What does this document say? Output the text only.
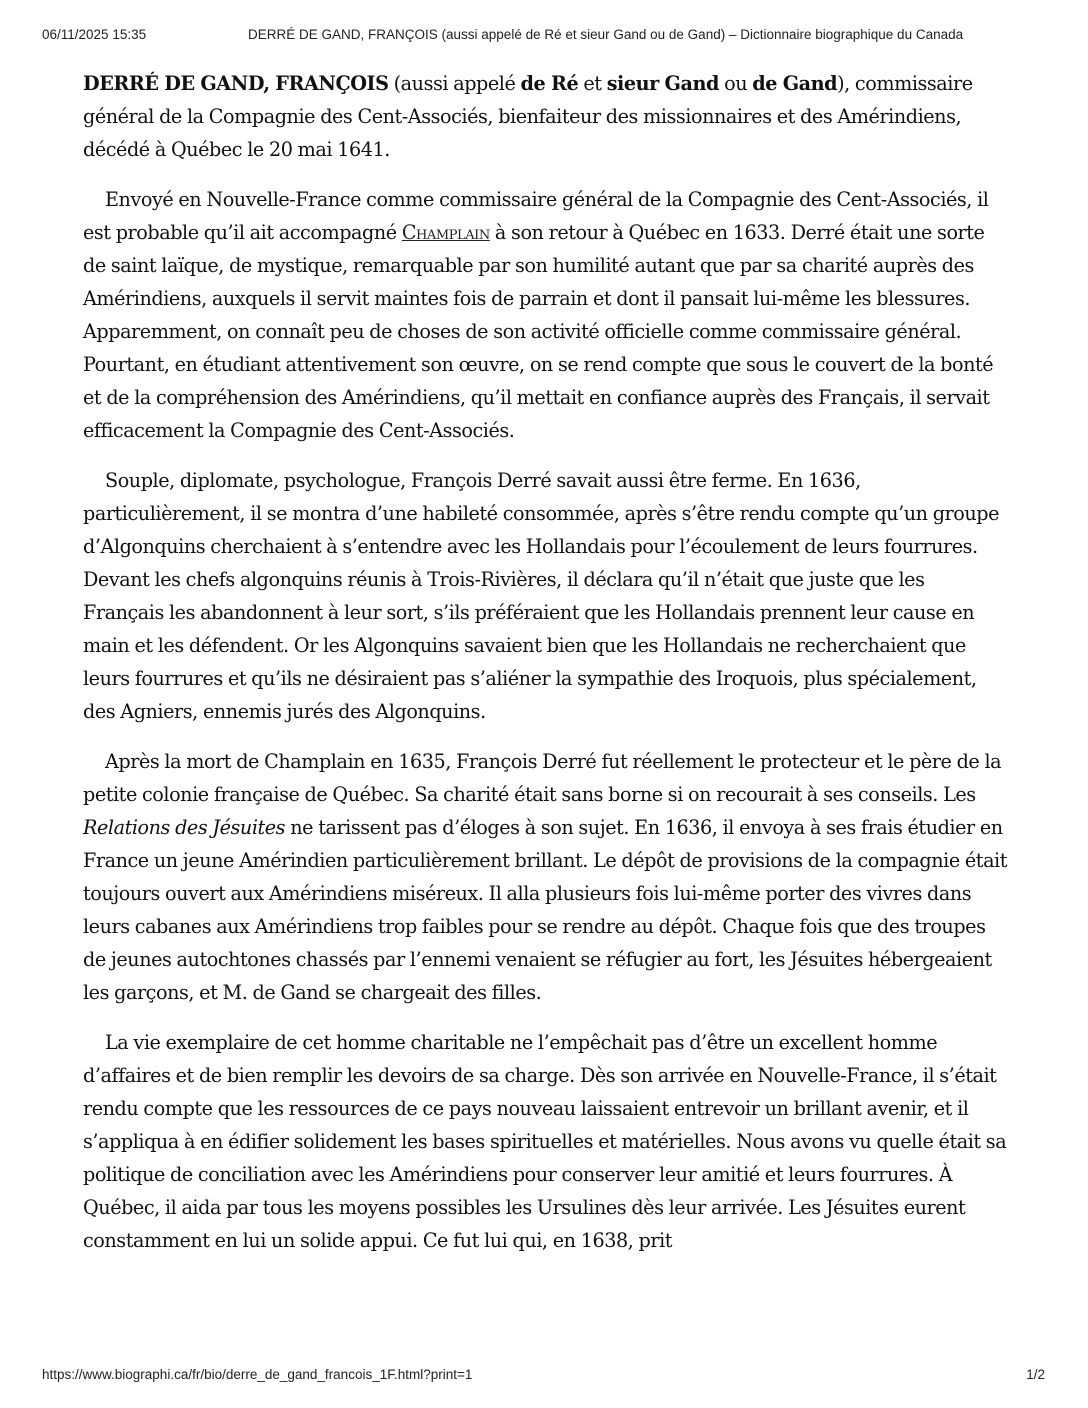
06/11/2025 15:35	DERRÉ DE GAND, FRANÇOIS (aussi appelé de Ré et sieur Gand ou de Gand) – Dictionnaire biographique du Canada

DERRÉ DE GAND, FRANÇOIS (aussi appelé de Ré et sieur Gand ou de Gand), commissaire général de la Compagnie des Cent-Associés, bienfaiteur des missionnaires et des Amérindiens, décédé à Québec le 20 mai 1641.

Envoyé en Nouvelle-France comme commissaire général de la Compagnie des Cent-Associés, il est probable qu’il ait accompagné Champlain à son retour à Québec en 1633. Derré était une sorte de saint laïque, de mystique, remarquable par son humilité autant que par sa charité auprès des Amérindiens, auxquels il servit maintes fois de parrain et dont il pansait lui-même les blessures. Apparemment, on connaît peu de choses de son activité officielle comme commissaire général. Pourtant, en étudiant attentivement son œuvre, on se rend compte que sous le couvert de la bonté et de la compréhension des Amérindiens, qu’il mettait en confiance auprès des Français, il servait efficacement la Compagnie des Cent-Associés.

Souple, diplomate, psychologue, François Derré savait aussi être ferme. En 1636, particulièrement, il se montra d’une habileté consommée, après s’être rendu compte qu’un groupe d’Algonquins cherchaient à s’entendre avec les Hollandais pour l’écoulement de leurs fourrures. Devant les chefs algonquins réunis à Trois-Rivières, il déclara qu’il n’était que juste que les Français les abandonnent à leur sort, s’ils préféraient que les Hollandais prennent leur cause en main et les défendent. Or les Algonquins savaient bien que les Hollandais ne recherchaient que leurs fourrures et qu’ils ne désiraient pas s’aliéner la sympathie des Iroquois, plus spécialement, des Agniers, ennemis jurés des Algonquins.

Après la mort de Champlain en 1635, François Derré fut réellement le protecteur et le père de la petite colonie française de Québec. Sa charité était sans borne si on recourait à ses conseils. Les Relations des Jésuites ne tarissent pas d’éloges à son sujet. En 1636, il envoya à ses frais étudier en France un jeune Amérindien particulièrement brillant. Le dépôt de provisions de la compagnie était toujours ouvert aux Amérindiens miséreux. Il alla plusieurs fois lui-même porter des vivres dans leurs cabanes aux Amérindiens trop faibles pour se rendre au dépôt. Chaque fois que des troupes de jeunes autochtones chassés par l’ennemi venaient se réfugier au fort, les Jésuites hébergeaient les garçons, et M. de Gand se chargeait des filles.

La vie exemplaire de cet homme charitable ne l’empêchait pas d’être un excellent homme d’affaires et de bien remplir les devoirs de sa charge. Dès son arrivée en Nouvelle-France, il s’était rendu compte que les ressources de ce pays nouveau laissaient entrevoir un brillant avenir, et il s’appliqua à en édifier solidement les bases spirituelles et matérielles. Nous avons vu quelle était sa politique de conciliation avec les Amérindiens pour conserver leur amitié et leurs fourrures. À Québec, il aida par tous les moyens possibles les Ursulines dès leur arrivée. Les Jésuites eurent constamment en lui un solide appui. Ce fut lui qui, en 1638, prit

https://www.biographi.ca/fr/bio/derre_de_gand_francois_1F.html?print=1	1/2
